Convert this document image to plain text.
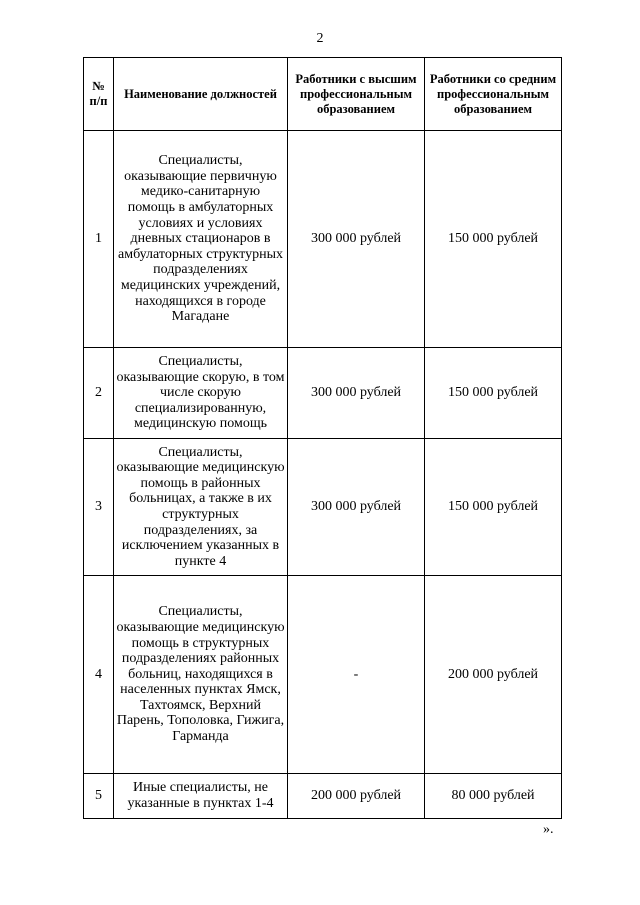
2
№ п/п	Наименование должностей	Работники с высшим профессиональным образованием	Работники со средним профессиональным образованием
1	Специалисты, оказывающие первичную медико-санитарную помощь в амбулаторных условиях и условиях дневных стационаров в амбулаторных структурных подразделениях медицинских учреждений, находящихся в городе Магадане	300 000 рублей	150 000 рублей
2	Специалисты, оказывающие скорую, в том числе скорую специализированную, медицинскую помощь	300 000 рублей	150 000 рублей
3	Специалисты, оказывающие медицинскую помощь в районных больницах, а также в их структурных подразделениях, за исключением указанных в пункте 4	300 000 рублей	150 000 рублей
4	Специалисты, оказывающие медицинскую помощь в структурных подразделениях районных больниц, находящихся в населенных пунктах Ямск, Тахтоямск, Верхний Парень, Тополовка, Гижига, Гарманда	-	200 000 рублей
5	Иные специалисты, не указанные в пунктах 1-4	200 000 рублей	80 000 рублей
».
